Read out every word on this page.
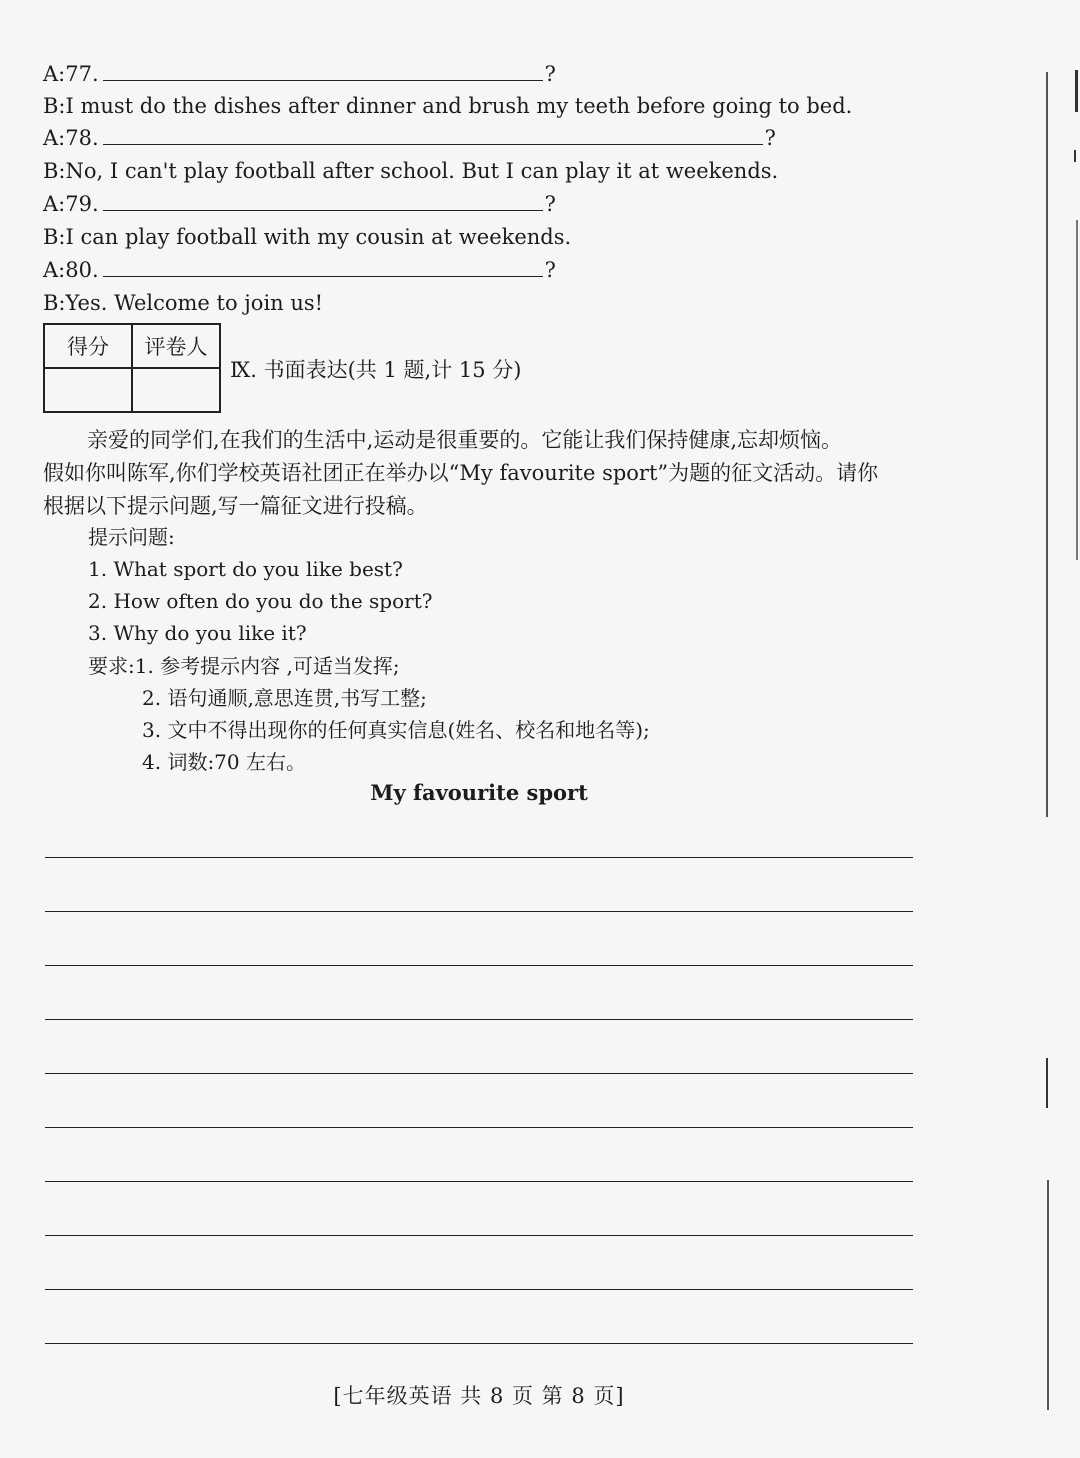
A:77.	?
B:I must do the dishes after dinner and brush my teeth before going to bed.
A:78.	?
B:No, I can't play football after school. But I can play it at weekends.
A:79.	?
B:I can play football with my cousin at weekends.
A:80.	?
B:Yes. Welcome to join us!
得分	评卷人

Ⅸ. 书面表达(共 1 题,计 15 分)
亲爱的同学们,在我们的生活中,运动是很重要的。它能让我们保持健康,忘却烦恼。
假如你叫陈军,你们学校英语社团正在举办以“My favourite sport”为题的征文活动。请你
根据以下提示问题,写一篇征文进行投稿。
提示问题:
1. What sport do you like best?
2. How often do you do the sport?
3. Why do you like it?
要求:1. 参考提示内容 ,可适当发挥;
2. 语句通顺,意思连贯,书写工整;
3. 文中不得出现你的任何真实信息(姓名、校名和地名等);
4. 词数:70 左右。
My favourite sport
[七年级英语 共 8 页 第 8 页]
